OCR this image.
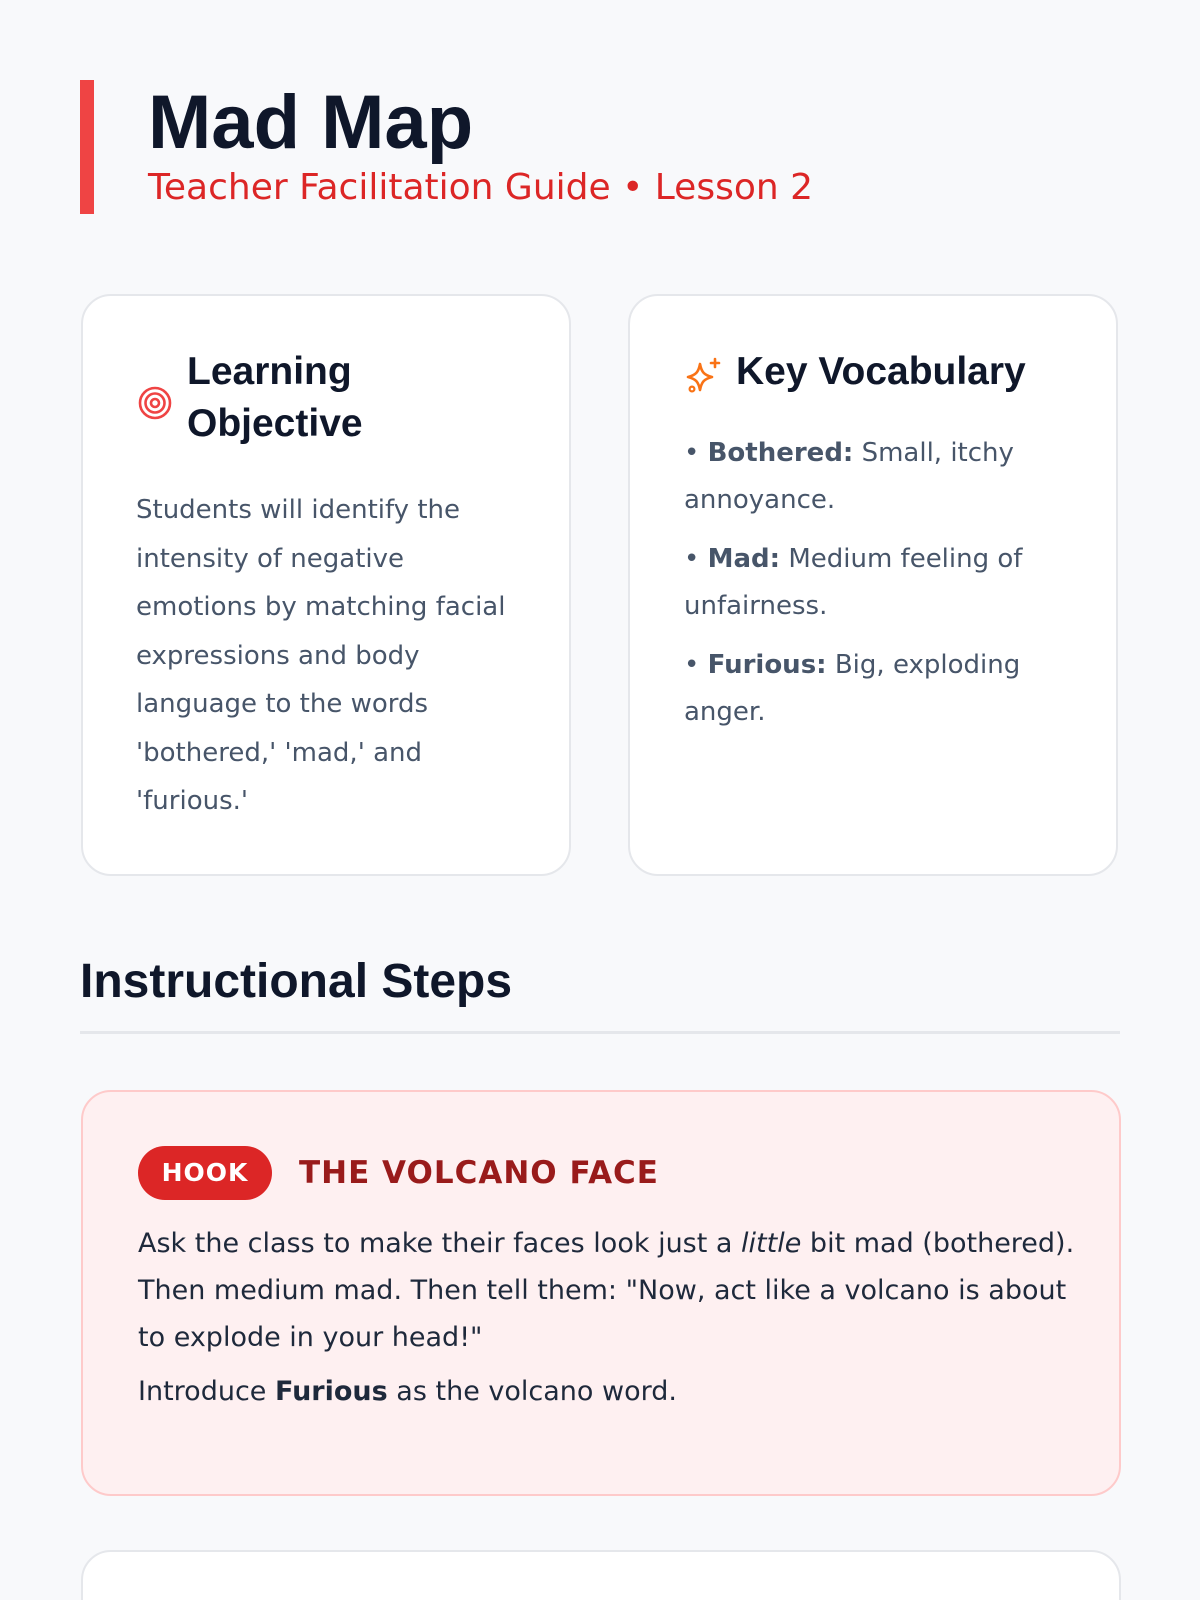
Mad Map

Teacher Facilitation Guide • Lesson 2

Learning Objective

Students will identify the intensity of negative emotions by matching facial expressions and body language to the words 'bothered,' 'mad,' and 'furious.'

Key Vocabulary
• Bothered: Small, itchy annoyance.
• Mad: Medium feeling of unfairness.
• Furious: Big, exploding anger.
Instructional Steps
HOOK	THE VOLCANO FACE

Ask the class to make their faces look just a little bit mad (bothered). Then medium mad. Then tell them: "Now, act like a volcano is about to explode in your head!"

Introduce Furious as the volcano word.
